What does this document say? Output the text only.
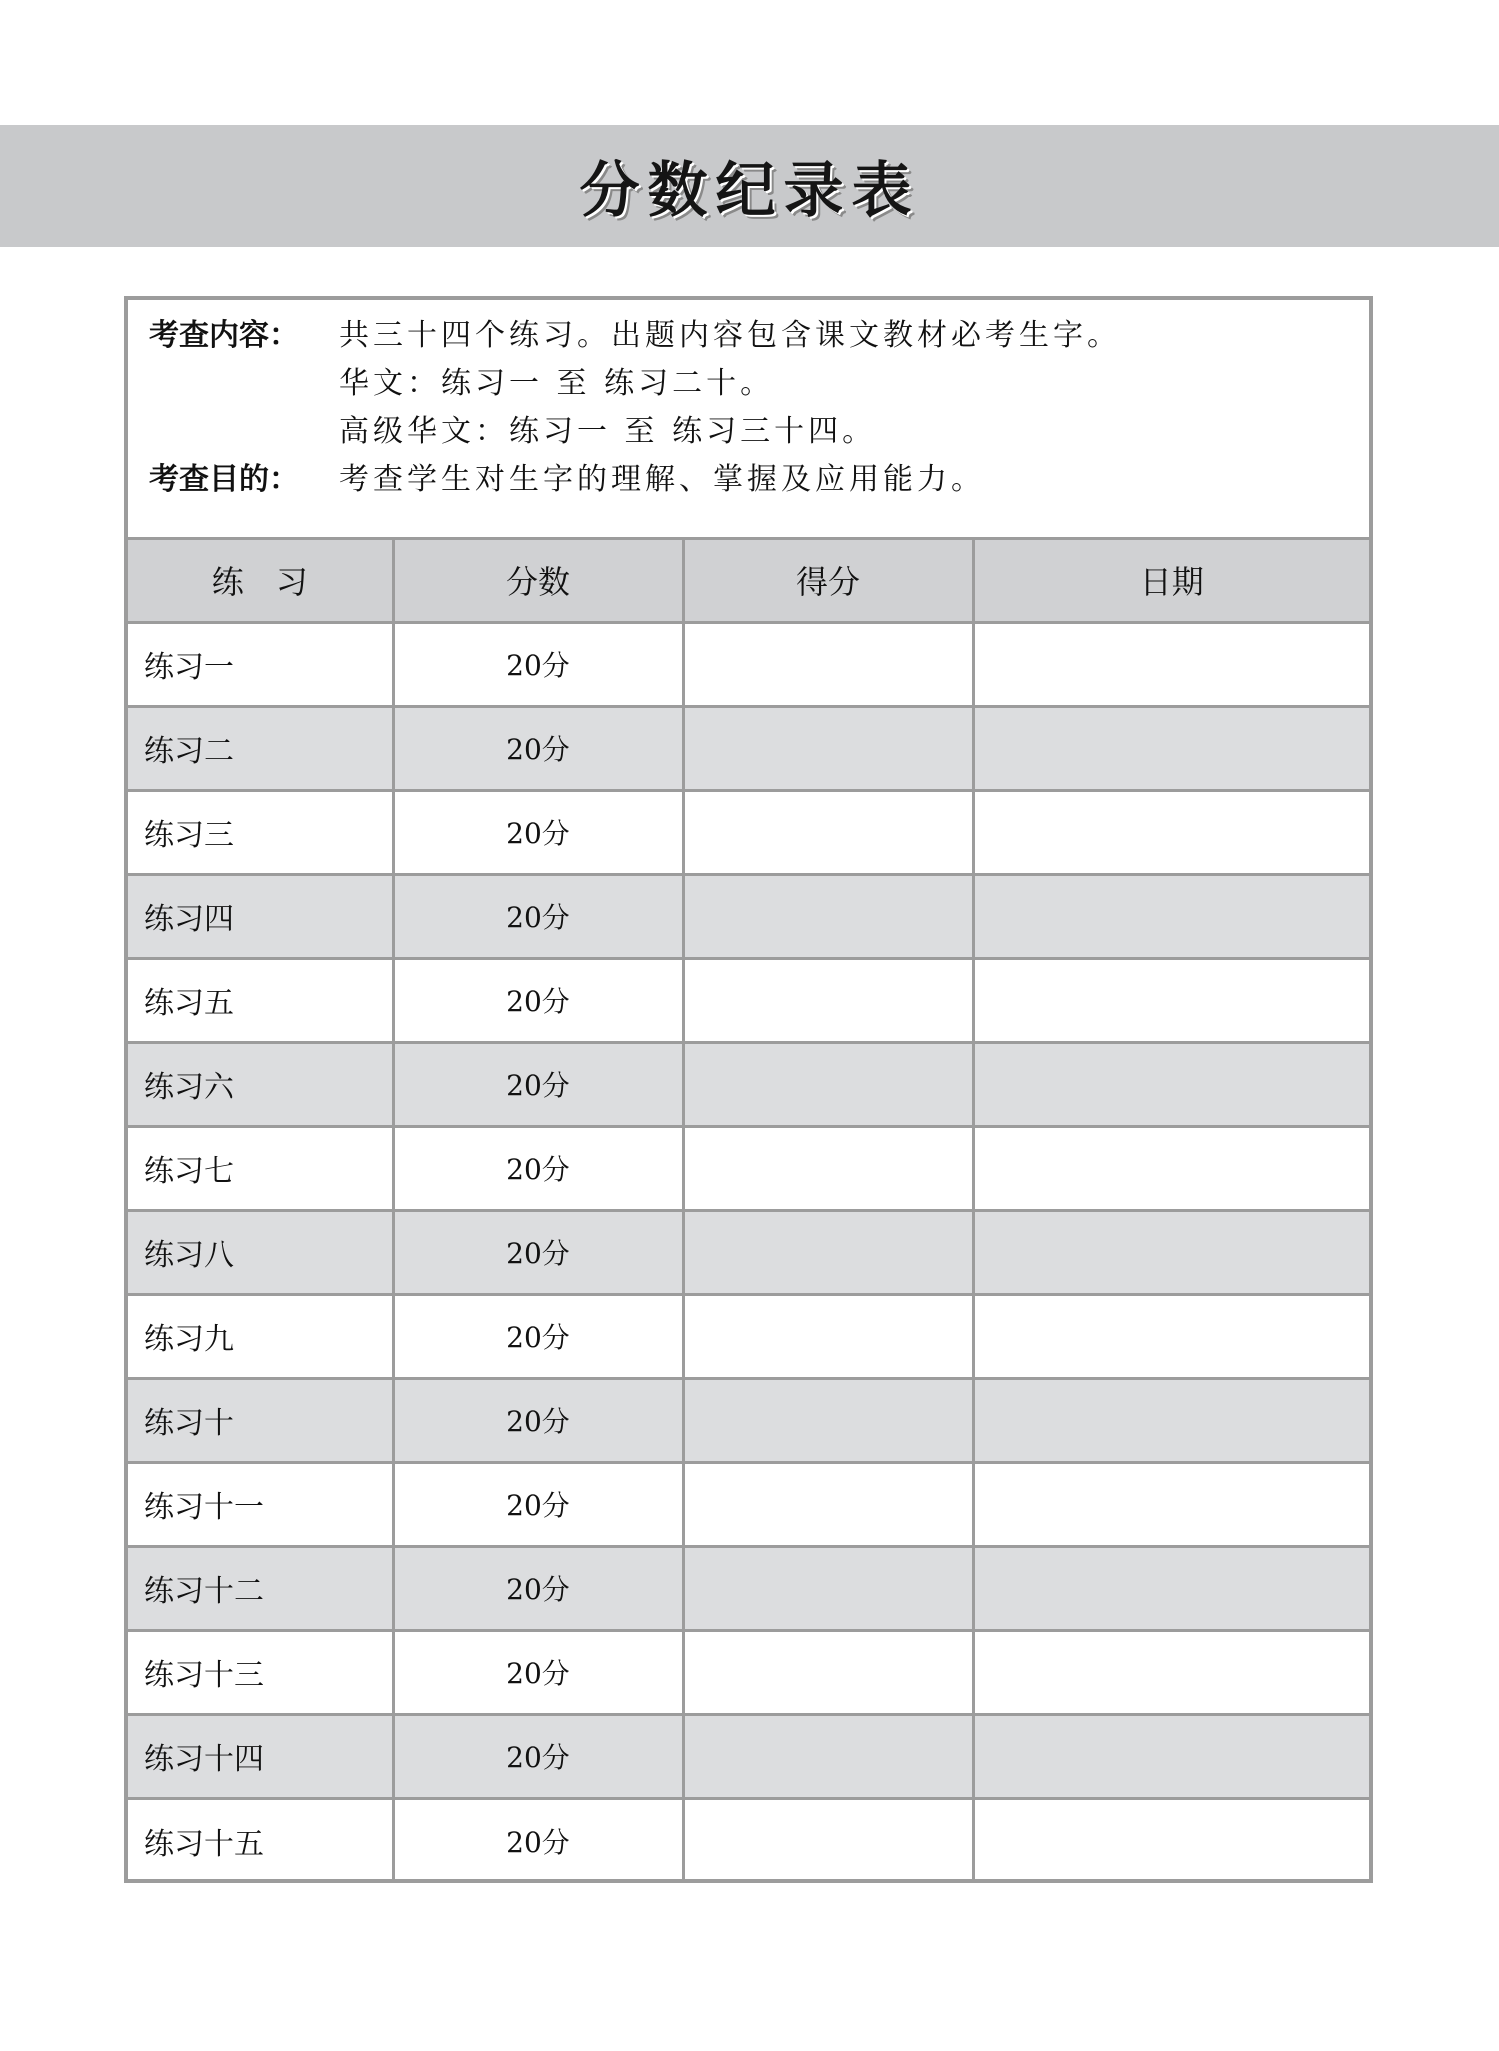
分数纪录表
考查内容： 共三十四个练习。出题内容包含课文教材必考生字。
华文：练习一 至 练习二十。
高级华文：练习一 至 练习三十四。
考查目的： 考查学生对生字的理解、掌握及应用能力。
练　习	分数	得分	日期
练习一	20分		
练习二	20分		
练习三	20分		
练习四	20分		
练习五	20分		
练习六	20分		
练习七	20分		
练习八	20分		
练习九	20分		
练习十	20分		
练习十一	20分		
练习十二	20分		
练习十三	20分		
练习十四	20分		
练习十五	20分		
